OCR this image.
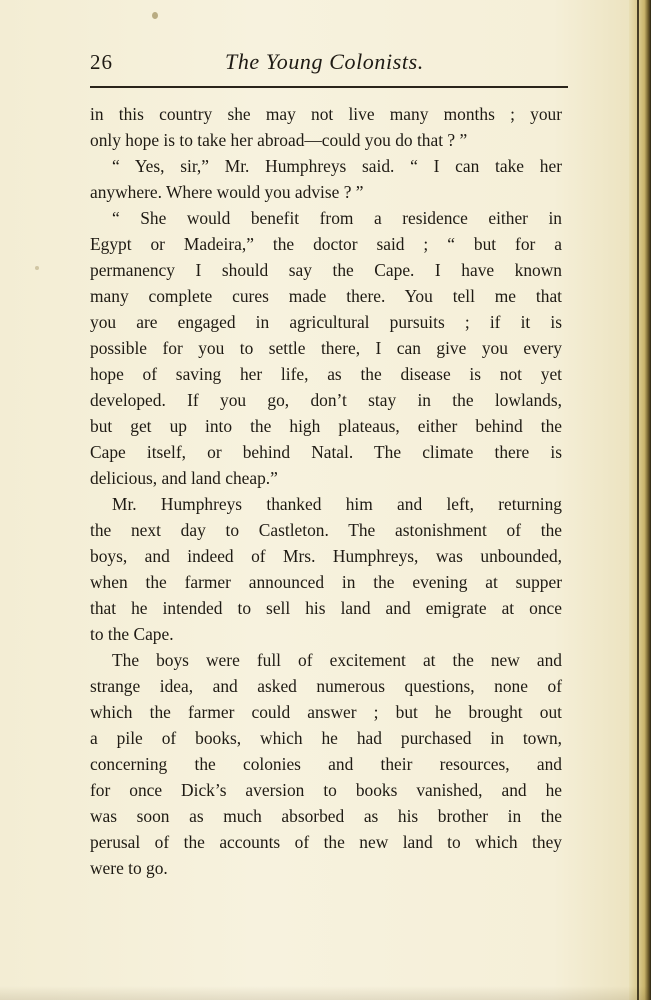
26	The Young Colonists.
in this country she may not live many months ; your
only hope is to take her abroad—could you do that ? ”
“ Yes, sir,” Mr. Humphreys said. “ I can take her
anywhere. Where would you advise ? ”
“ She would benefit from a residence either in
Egypt or Madeira,” the doctor said ; “ but for a
permanency I should say the Cape. I have known
many complete cures made there. You tell me that
you are engaged in agricultural pursuits ; if it is
possible for you to settle there, I can give you every
hope of saving her life, as the disease is not yet
developed. If you go, don’t stay in the lowlands,
but get up into the high plateaus, either behind the
Cape itself, or behind Natal. The climate there is
delicious, and land cheap.”
Mr. Humphreys thanked him and left, returning
the next day to Castleton. The astonishment of the
boys, and indeed of Mrs. Humphreys, was unbounded,
when the farmer announced in the evening at supper
that he intended to sell his land and emigrate at once
to the Cape.
The boys were full of excitement at the new and
strange idea, and asked numerous questions, none of
which the farmer could answer ; but he brought out
a pile of books, which he had purchased in town,
concerning the colonies and their resources, and
for once Dick’s aversion to books vanished, and he
was soon as much absorbed as his brother in the
perusal of the accounts of the new land to which they
were to go.
